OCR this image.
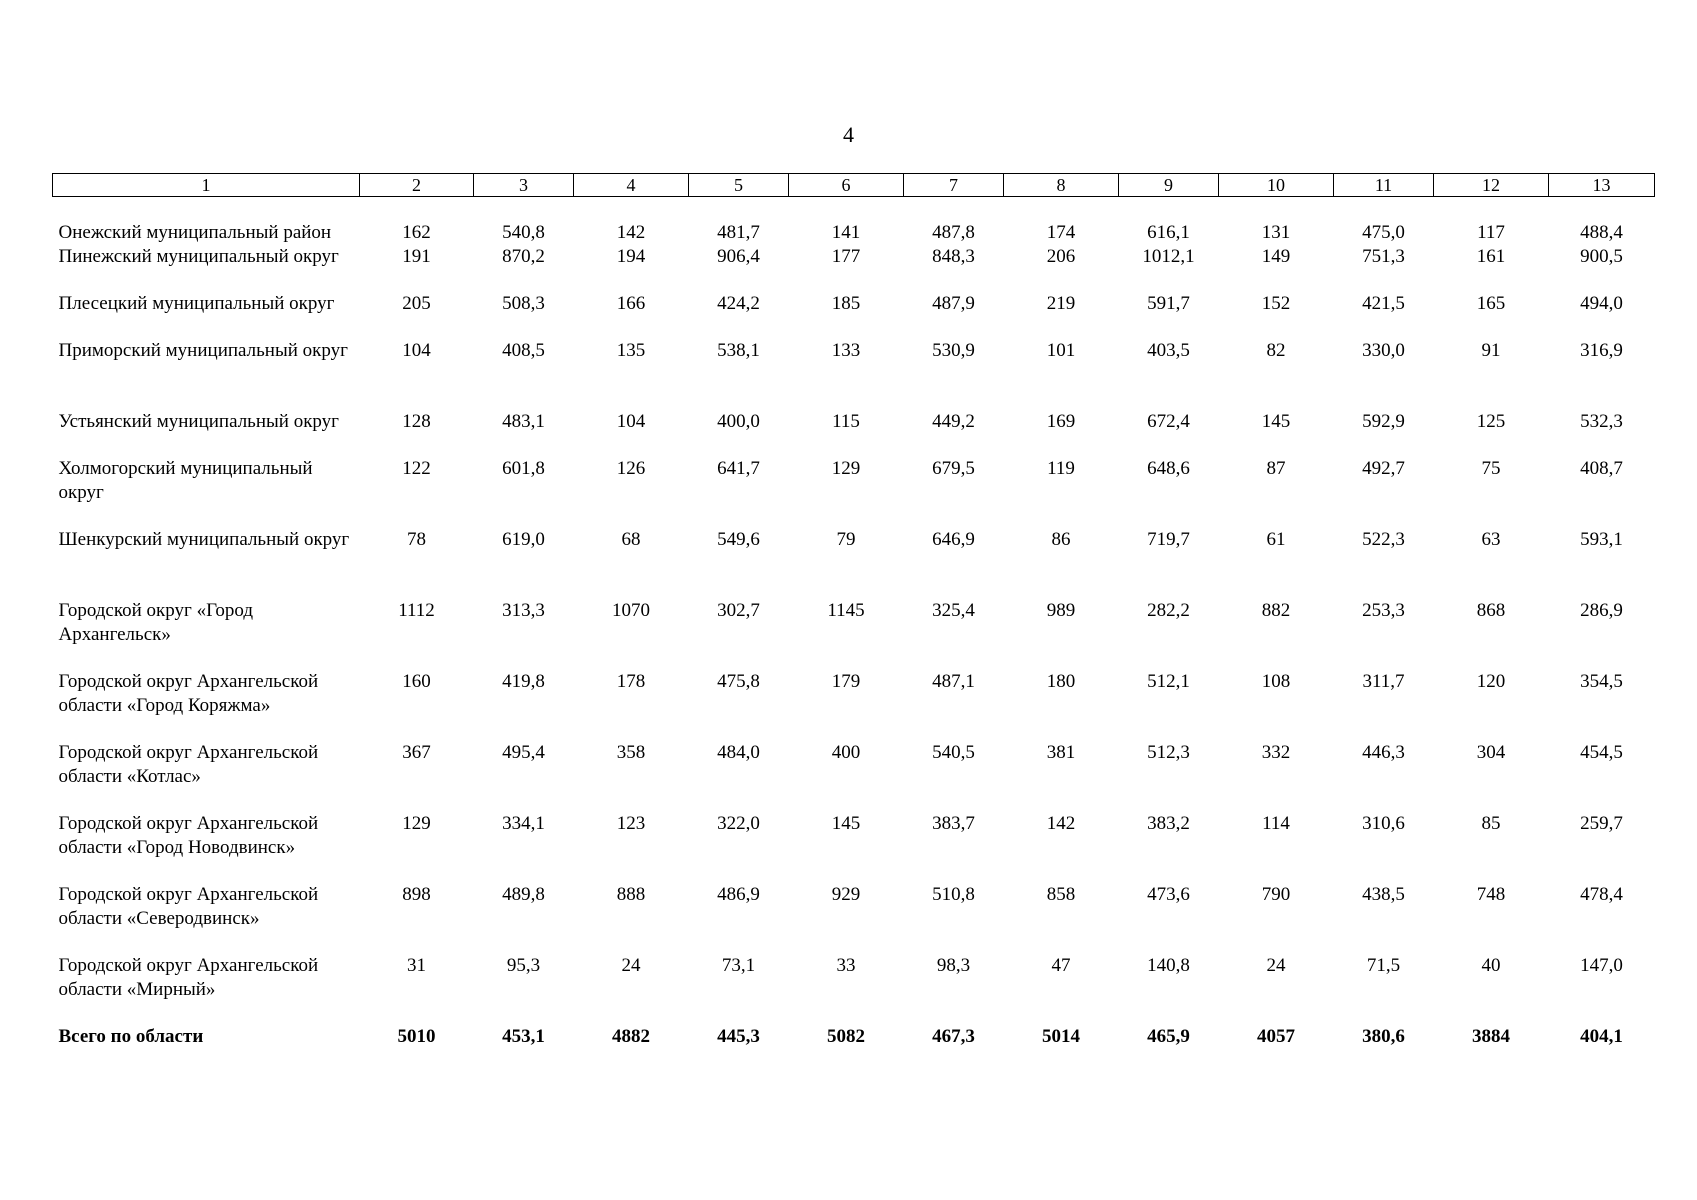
4
1	2	3	4	5	6	7	8	9	10	11	12	13
Онежский муниципальный район	162	540,8	142	481,7	141	487,8	174	616,1	131	475,0	117	488,4
Пинежский муниципальный округ	191	870,2	194	906,4	177	848,3	206	1012,1	149	751,3	161	900,5
Плесецкий муниципальный округ	205	508,3	166	424,2	185	487,9	219	591,7	152	421,5	165	494,0
Приморский муниципальный округ	104	408,5	135	538,1	133	530,9	101	403,5	82	330,0	91	316,9
Устьянский муниципальный округ	128	483,1	104	400,0	115	449,2	169	672,4	145	592,9	125	532,3
Холмогорский муниципальный округ	122	601,8	126	641,7	129	679,5	119	648,6	87	492,7	75	408,7
Шенкурский муниципальный округ	78	619,0	68	549,6	79	646,9	86	719,7	61	522,3	63	593,1
Городской округ «Город Архангельск»	1112	313,3	1070	302,7	1145	325,4	989	282,2	882	253,3	868	286,9
Городской округ Архангельской области «Город Коряжма»	160	419,8	178	475,8	179	487,1	180	512,1	108	311,7	120	354,5
Городской округ Архангельской области «Котлас»	367	495,4	358	484,0	400	540,5	381	512,3	332	446,3	304	454,5
Городской округ Архангельской области «Город Новодвинск»	129	334,1	123	322,0	145	383,7	142	383,2	114	310,6	85	259,7
Городской округ Архангельской области «Северодвинск»	898	489,8	888	486,9	929	510,8	858	473,6	790	438,5	748	478,4
Городской округ Архангельской области «Мирный»	31	95,3	24	73,1	33	98,3	47	140,8	24	71,5	40	147,0
Всего по области	5010	453,1	4882	445,3	5082	467,3	5014	465,9	4057	380,6	3884	404,1
